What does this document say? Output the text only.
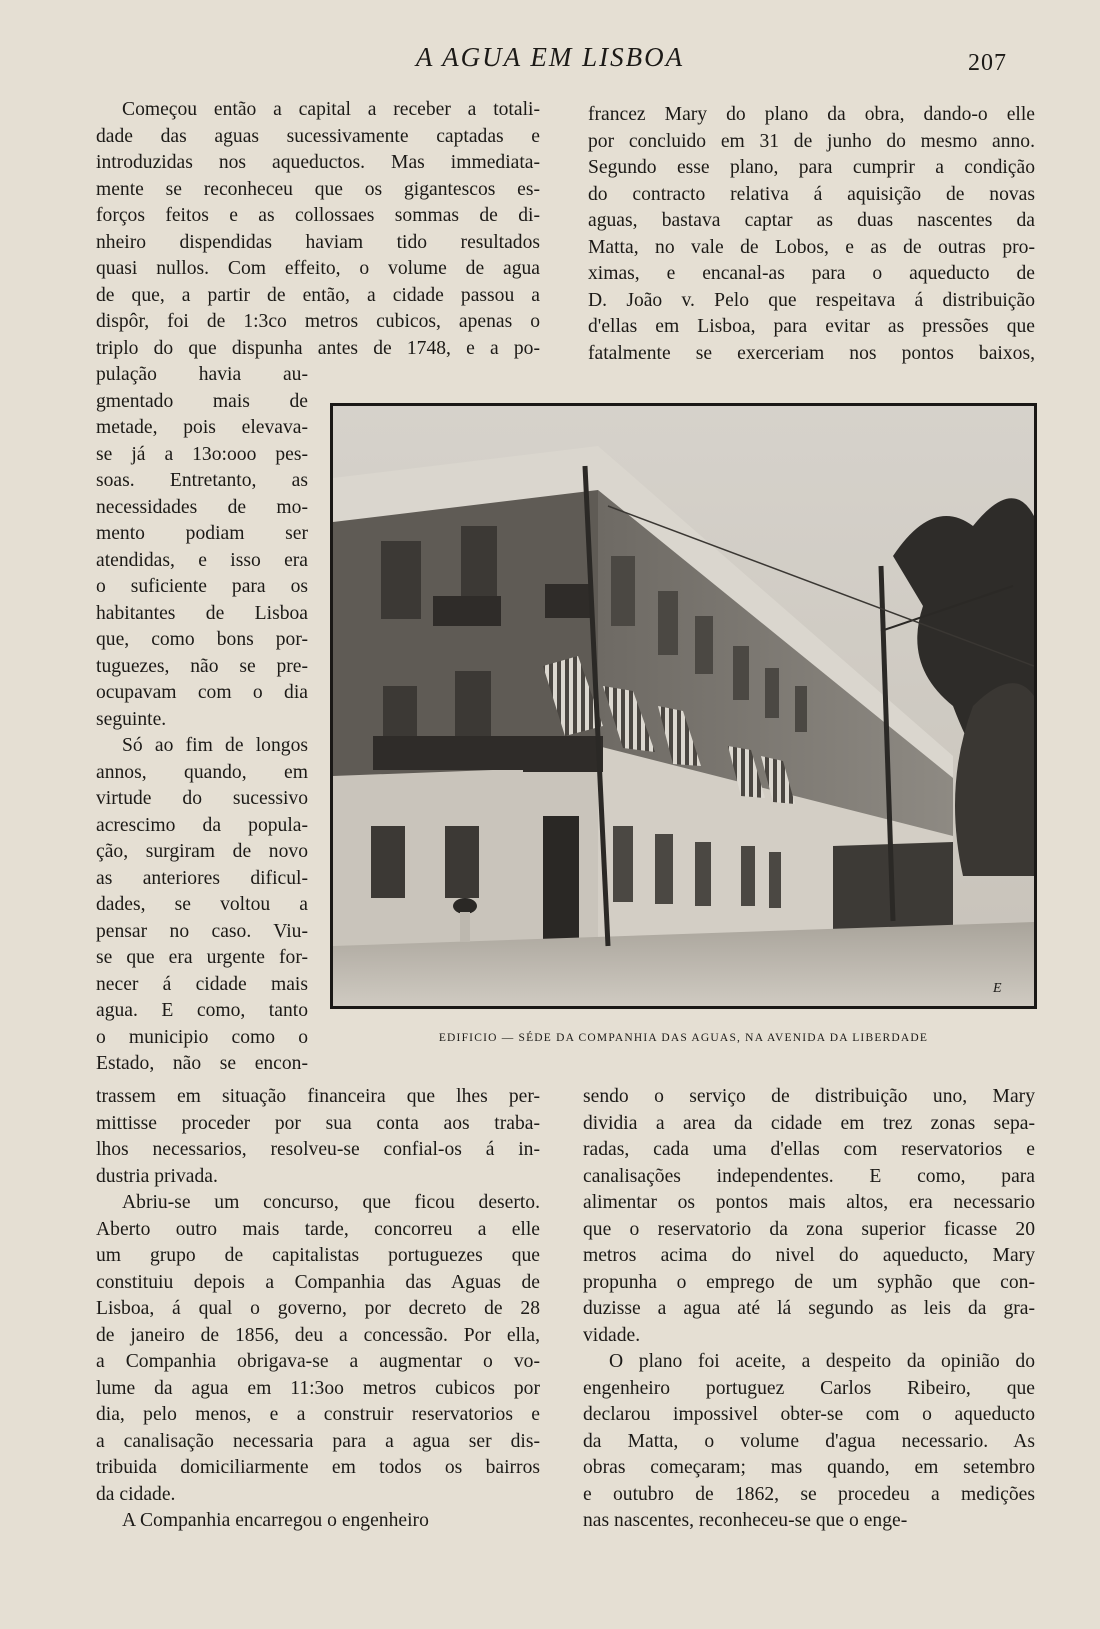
A AGUA EM LISBOA	207
Começou então a capital a receber a totali-
dade das aguas sucessivamente captadas e
introduzidas nos aqueductos. Mas immediata-
mente se reconheceu que os gigantescos es-
forços feitos e as collossaes sommas de di-
nheiro dispendidas haviam tido resultados
quasi nullos. Com effeito, o volume de agua
de que, a partir de então, a cidade passou a
dispôr, foi de 1:3co metros cubicos, apenas o
triplo do que dispunha antes de 1748, e a po-
pulação havia au-
gmentado mais de
metade, pois elevava-
se já a 13o:ooo pes-
soas. Entretanto, as
necessidades de mo-
mento podiam ser
atendidas, e isso era
o suficiente para os
habitantes de Lisboa
que, como bons por-
tuguezes, não se pre-
ocupavam com o dia
seguinte.
Só ao fim de longos
annos, quando, em
virtude do sucessivo
acrescimo da popula-
ção, surgiram de novo
as anteriores dificul-
dades, se voltou a
pensar no caso. Viu-
se que era urgente for-
necer á cidade mais
agua. E como, tanto
o municipio como o
Estado, não se encon-
trassem em situação financeira que lhes per-
mittisse proceder por sua conta aos traba-
lhos necessarios, resolveu-se confial-os á in-
dustria privada.
Abriu-se um concurso, que ficou deserto.
Aberto outro mais tarde, concorreu a elle
um grupo de capitalistas portuguezes que
constituiu depois a Companhia das Aguas de
Lisboa, á qual o governo, por decreto de 28
de janeiro de 1856, deu a concessão. Por ella,
a Companhia obrigava-se a augmentar o vo-
lume da agua em 11:3oo metros cubicos por
dia, pelo menos, e a construir reservatorios e
a canalisação necessaria para a agua ser dis-
tribuida domiciliarmente em todos os bairros
da cidade.
A Companhia encarregou o engenheiro
francez Mary do plano da obra, dando-o elle
por concluido em 31 de junho do mesmo anno.
Segundo esse plano, para cumprir a condição
do contracto relativa á aquisição de novas
aguas, bastava captar as duas nascentes da
Matta, no vale de Lobos, e as de outras pro-
ximas, e encanal-as para o aqueducto de
D. João v. Pelo que respeitava á distribuição
d'ellas em Lisboa, para evitar as pressões que
fatalmente se exerceriam nos pontos baixos,
sendo o serviço de distribuição uno, Mary
dividia a area da cidade em trez zonas sepa-
radas, cada uma d'ellas com reservatorios e
canalisações independentes. E como, para
alimentar os pontos mais altos, era necessario
que o reservatorio da zona superior ficasse 20
metros acima do nivel do aqueducto, Mary
propunha o emprego de um syphão que con-
duzisse a agua até lá segundo as leis da gra-
vidade.
O plano foi aceite, a despeito da opinião do
engenheiro portuguez Carlos Ribeiro, que
declarou impossivel obter-se com o aqueducto
da Matta, o volume d'agua necessario. As
obras começaram; mas quando, em setembro
e outubro de 1862, se procedeu a medições
nas nascentes, reconheceu-se que o enge-
E
EDIFICIO — SÉDE DA COMPANHIA DAS AGUAS, NA AVENIDA DA LIBERDADE
